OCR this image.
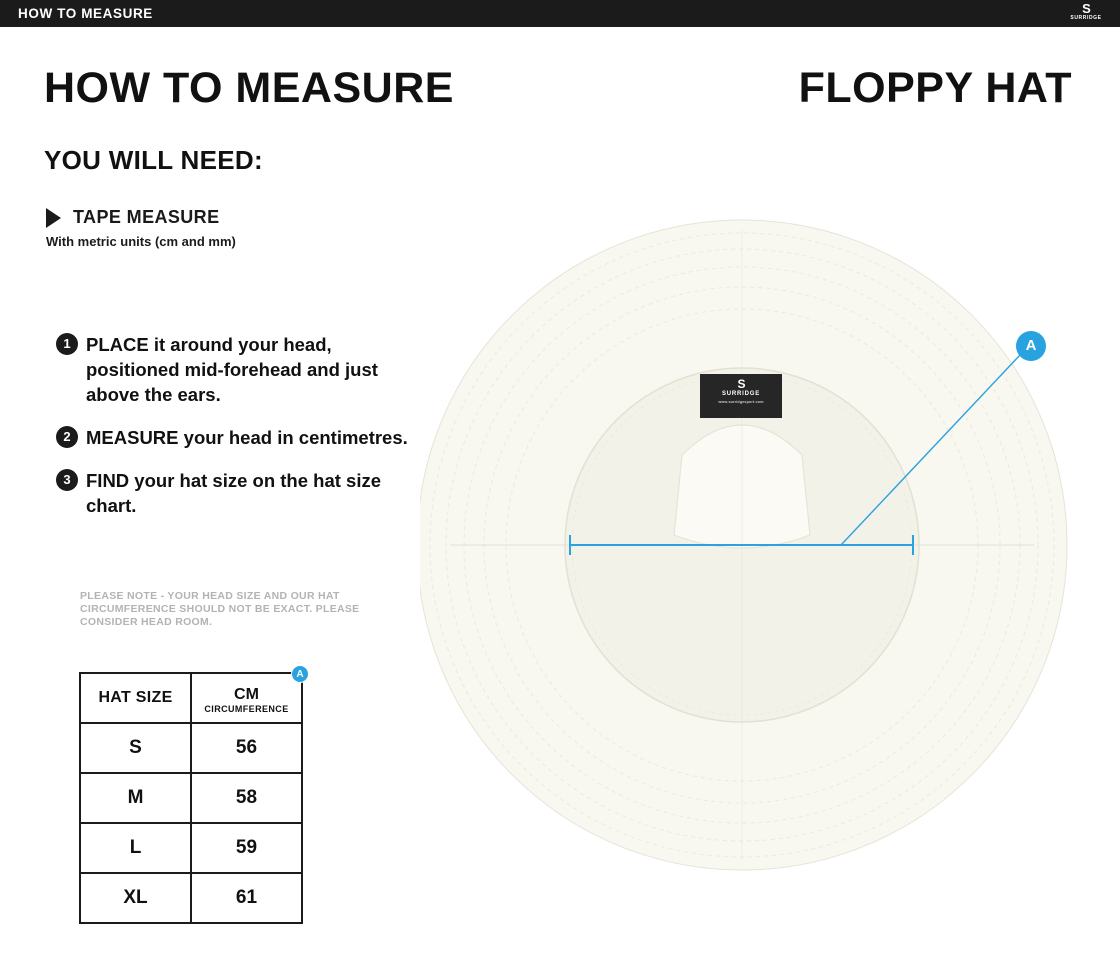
HOW TO MEASURE	S
SURRIDGE
HOW TO MEASURE	FLOPPY HAT
YOU WILL NEED:
TAPE MEASURE
With metric units (cm and mm)
1 PLACE it around your head, positioned mid-forehead and just above the ears.
2 MEASURE your head in centimetres.
3 FIND your hat size on the hat size chart.
PLEASE NOTE - YOUR HEAD SIZE AND OUR HAT CIRCUMFERENCE SHOULD NOT BE EXACT. PLEASE CONSIDER HEAD ROOM.
HAT SIZE	CM
CIRCUMFERENCE
A

S	56
M	58
L	59
XL	61
S
SURRIDGE
www.surridgesport.com
A
